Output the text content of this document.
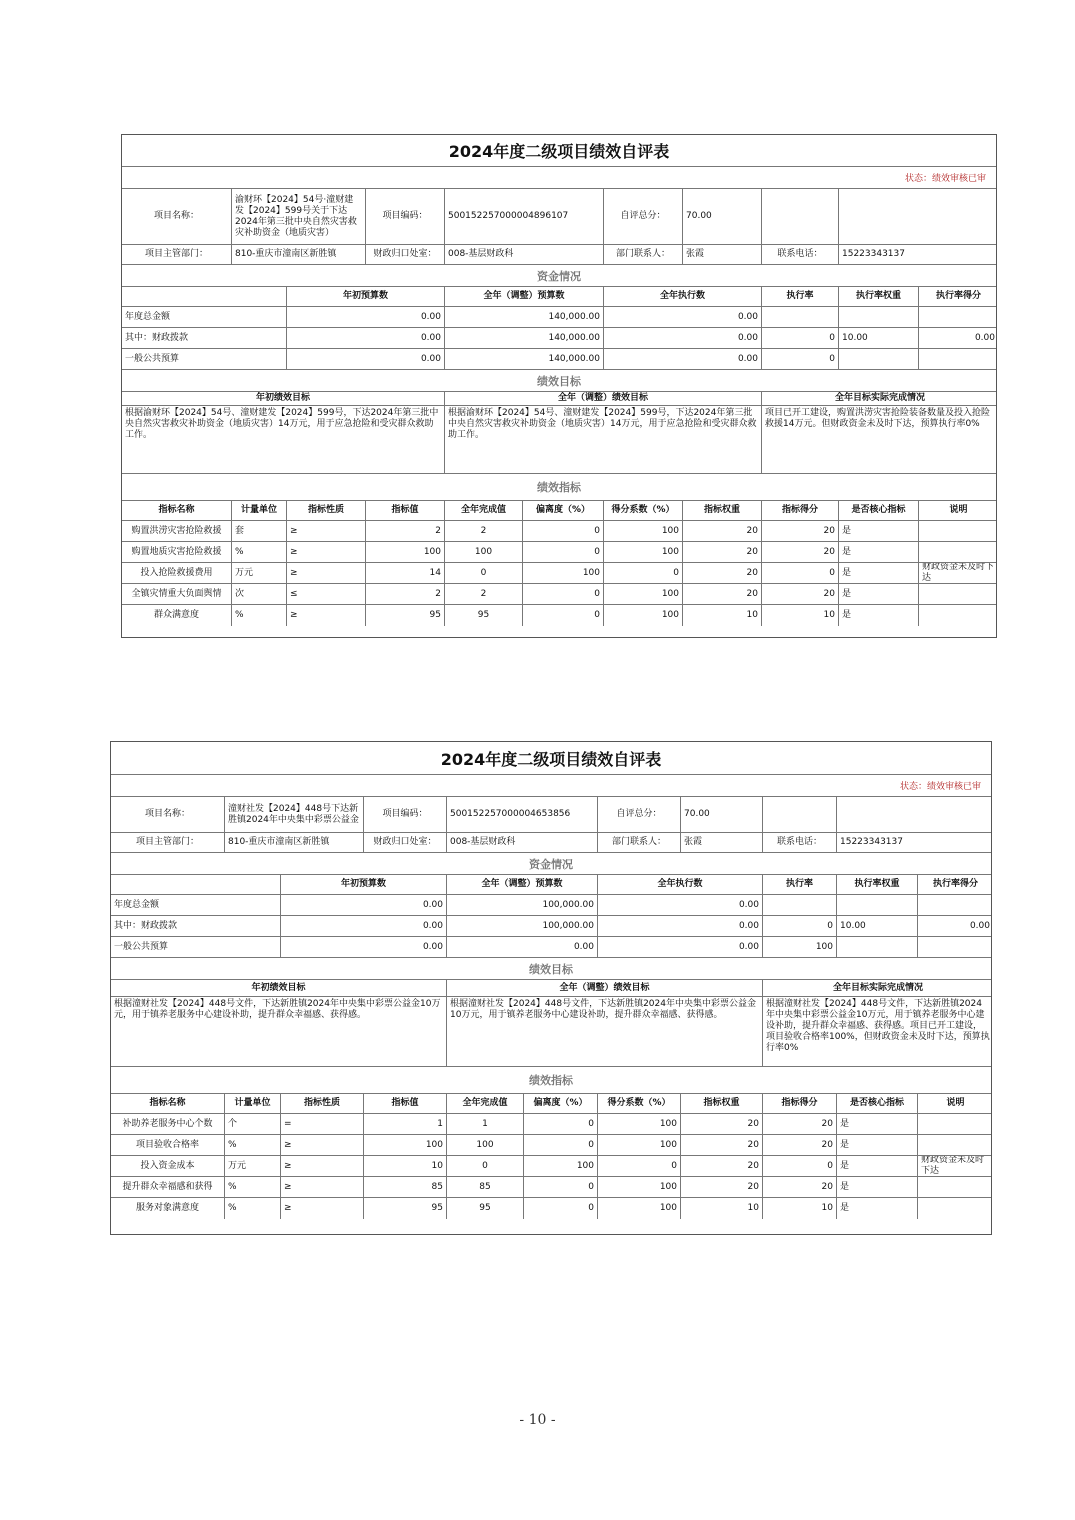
2024年度二级项目绩效自评表
状态：绩效审核已审
项目名称：
渝财环【2024】54号·潼财建发【2024】599号关于下达2024年第三批中央自然灾害救灾补助资金（地质灾害）
项目编码：	500152257000004896107	自评总分：	70.00
项目主管部门：	810-重庆市潼南区新胜镇	财政归口处室：	008-基层财政科	部门联系人：	张霞	联系电话：	15223343137
资金情况
年初预算数	全年（调整）预算数	全年执行数	执行率	执行率权重	执行率得分
年度总金额	0.00	140,000.00	0.00
其中：财政拨款	0.00	140,000.00	0.00	0 10.00	0.00
一般公共预算	0.00	140,000.00	0.00	0
绩效目标
年初绩效目标	全年（调整）绩效目标	全年目标实际完成情况
根据渝财环【2024】54号、潼财建发【2024】599号，下达2024年第三批中央自然灾害救灾补助资金（地质灾害）14万元，用于应急抢险和受灾群众救助工作。
根据渝财环【2024】54号、潼财建发【2024】599号，下达2024年第三批中央自然灾害救灾补助资金（地质灾害）14万元，用于应急抢险和受灾群众救助工作。
项目已开工建设，购置洪涝灾害抢险装备数量及投入抢险救援14万元。但财政资金未及时下达，预算执行率0%
绩效指标
指标名称	计量单位	指标性质	指标值	全年完成值	偏离度（%）	得分系数（%）	指标权重	指标得分	是否核心指标	说明
购置洪涝灾害抢险救援	套	≥	2	2	0	100	20	20 是
购置地质灾害抢险救援	%	≥	100	100	0	100	20	20 是
投入抢险救援费用	万元	≥	14	0	100	0	20	0 是
财政资金未及时下达
全镇灾情重大负面舆情	次	≤	2	2	0	100	20	20 是
群众满意度	%	≥	95	95	0	100	10	10 是
2024年度二级项目绩效自评表
状态：绩效审核已审
项目名称：
潼财社发【2024】448号下达新胜镇2024年中央集中彩票公益金
项目编码：	500152257000004653856	自评总分：	70.00
项目主管部门：	810-重庆市潼南区新胜镇	财政归口处室：	008-基层财政科	部门联系人：	张霞	联系电话：	15223343137
资金情况
年初预算数	全年（调整）预算数	全年执行数	执行率	执行率权重	执行率得分
年度总金额	0.00	100,000.00	0.00
其中：财政拨款	0.00	100,000.00	0.00	0 10.00	0.00
一般公共预算	0.00	0.00	0.00	100
绩效目标
年初绩效目标	全年（调整）绩效目标	全年目标实际完成情况
根据潼财社发【2024】448号文件，下达新胜镇2024年中央集中彩票公益金10万元，用于镇养老服务中心建设补助，提升群众幸福感、获得感。
根据潼财社发【2024】448号文件，下达新胜镇2024年中央集中彩票公益金10万元，用于镇养老服务中心建设补助，提升群众幸福感、获得感。
根据潼财社发【2024】448号文件，下达新胜镇2024年中央集中彩票公益金10万元，用于镇养老服务中心建设补助，提升群众幸福感、获得感。项目已开工建设，项目验收合格率100%，但财政资金未及时下达，预算执行率0%
绩效指标
指标名称	计量单位	指标性质	指标值	全年完成值	偏离度（%）	得分系数（%）	指标权重	指标得分	是否核心指标	说明
补助养老服务中心个数	个	=	1	1	0	100	20	20 是
项目验收合格率	%	≥	100	100	0	100	20	20 是
投入资金成本	万元	≥	10	0	100	0	20	0 是
财政资金未及时下达
提升群众幸福感和获得	%	≥	85	85	0	100	20	20 是
服务对象满意度	%	≥	95	95	0	100	10	10 是
- 10 -
